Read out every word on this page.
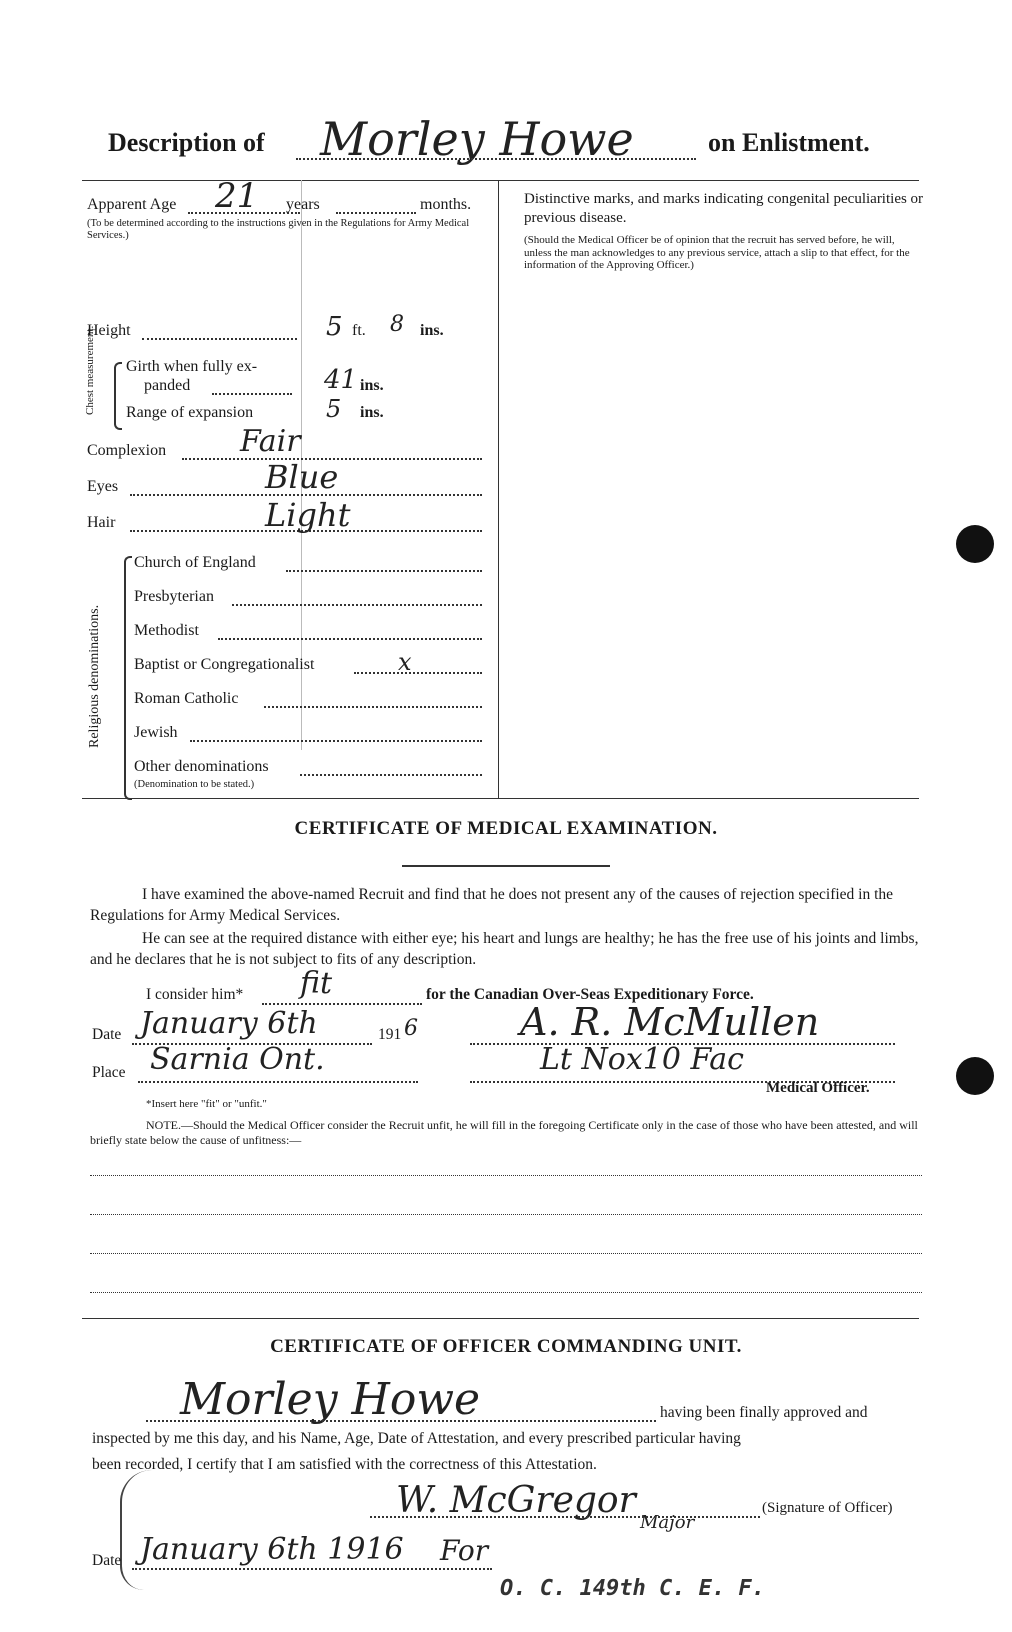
Description of Morley Howe	on Enlistment.
Apparent Age 21 years	months.
(To be determined according to the instructions given in the Regulations for Army Medical Services.)
Height	5 ft. 8 ins.
Chest measurement. Girth when fully ex-
panded	41 ins.
Range of expansion	5 ins.
Complexion Fair
Eyes	Blue
Hair	Light
Religious denominations.
Church of England
Presbyterian
Methodist
Baptist or Congregationalist	x
Roman Catholic
Jewish
Other denominations
(Denomination to be stated.)
Distinctive marks, and marks indicating congenital peculiarities or previous disease.
(Should the Medical Officer be of opinion that the recruit has served before, he will, unless the man acknowledges to any previous service, attach a slip to that effect, for the information of the Approving Officer.)
CERTIFICATE OF MEDICAL EXAMINATION.
I have examined the above-named Recruit and find that he does not present any of the causes of rejection specified in the Regulations for Army Medical Services.
He can see at the required distance with either eye; his heart and lungs are healthy; he has the free use of his joints and limbs, and he declares that he is not subject to fits of any description.
I consider him* fit	for the Canadian Over-Seas Expeditionary Force.
Date January 6th	191 6	A. R. McMullen
Place Sarnia Ont.	Lt Nox10 Fac
Medical Officer.
*Insert here "fit" or "unfit."
NOTE.—Should the Medical Officer consider the Recruit unfit, he will fill in the foregoing Certificate only in the case of those who have been attested, and will briefly state below the cause of unfitness:—
CERTIFICATE OF OFFICER COMMANDING UNIT.
Morley Howe	having been finally approved and
inspected by me this day, and his Name, Age, Date of Attestation, and every prescribed particular having
been recorded, I certify that I am satisfied with the correctness of this Attestation.
W. McGregor
Major
(Signature of Officer)
Date January 6th 1916 For
O. C. 149th C. E. F.
